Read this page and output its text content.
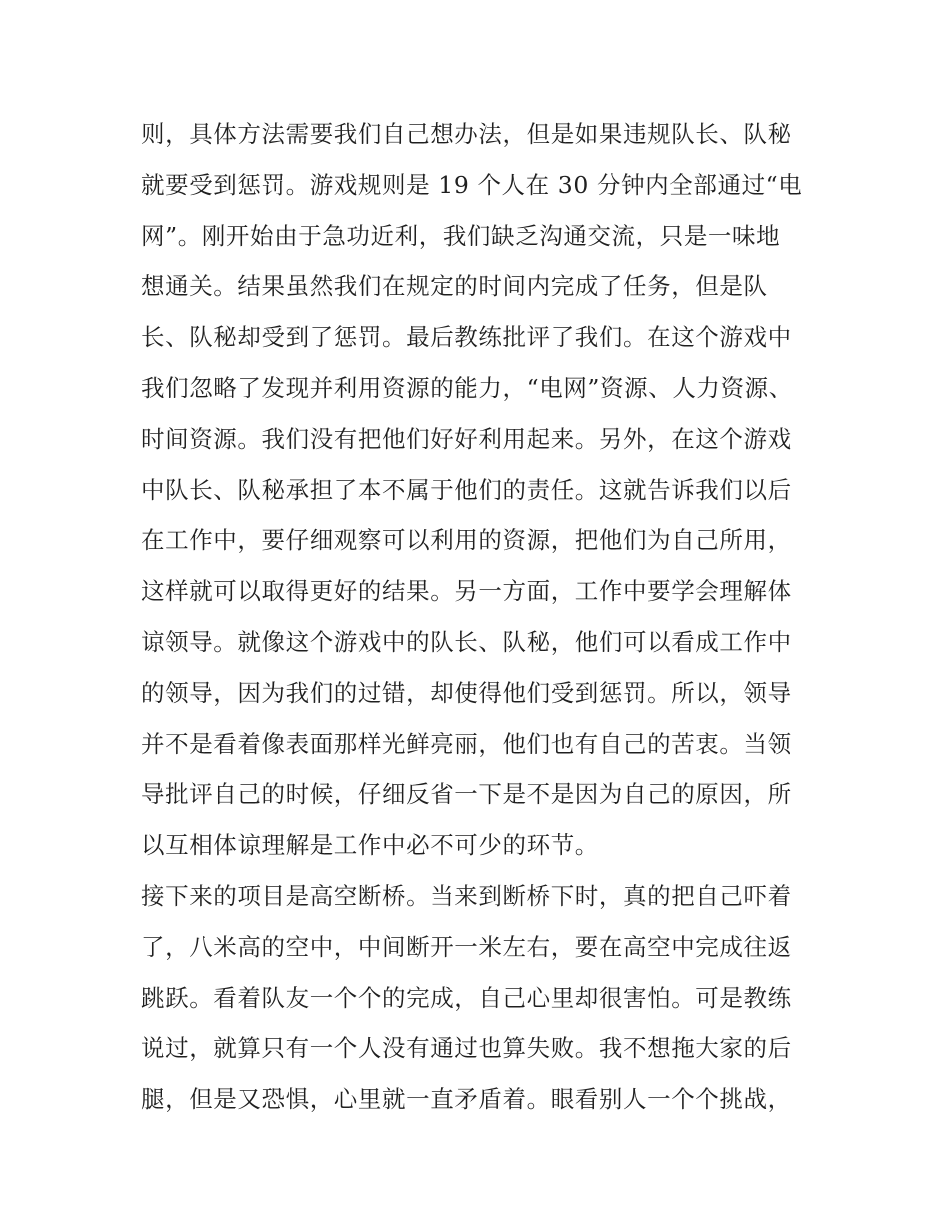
则，具体方法需要我们自己想办法，但是如果违规队长、队秘
就要受到惩罚。游戏规则是 19 个人在 30 分钟内全部通过“电
网”。刚开始由于急功近利，我们缺乏沟通交流，只是一味地
想通关。结果虽然我们在规定的时间内完成了任务，但是队
长、队秘却受到了惩罚。最后教练批评了我们。在这个游戏中
我们忽略了发现并利用资源的能力，“电网”资源、人力资源、
时间资源。我们没有把他们好好利用起来。另外，在这个游戏
中队长、队秘承担了本不属于他们的责任。这就告诉我们以后
在工作中，要仔细观察可以利用的资源，把他们为自己所用，
这样就可以取得更好的结果。另一方面，工作中要学会理解体
谅领导。就像这个游戏中的队长、队秘，他们可以看成工作中
的领导，因为我们的过错，却使得他们受到惩罚。所以，领导
并不是看着像表面那样光鲜亮丽，他们也有自己的苦衷。当领
导批评自己的时候，仔细反省一下是不是因为自己的原因，所
以互相体谅理解是工作中必不可少的环节。
接下来的项目是高空断桥。当来到断桥下时，真的把自己吓着
了，八米高的空中，中间断开一米左右，要在高空中完成往返
跳跃。看着队友一个个的完成，自己心里却很害怕。可是教练
说过，就算只有一个人没有通过也算失败。我不想拖大家的后
腿，但是又恐惧，心里就一直矛盾着。眼看别人一个个挑战，
